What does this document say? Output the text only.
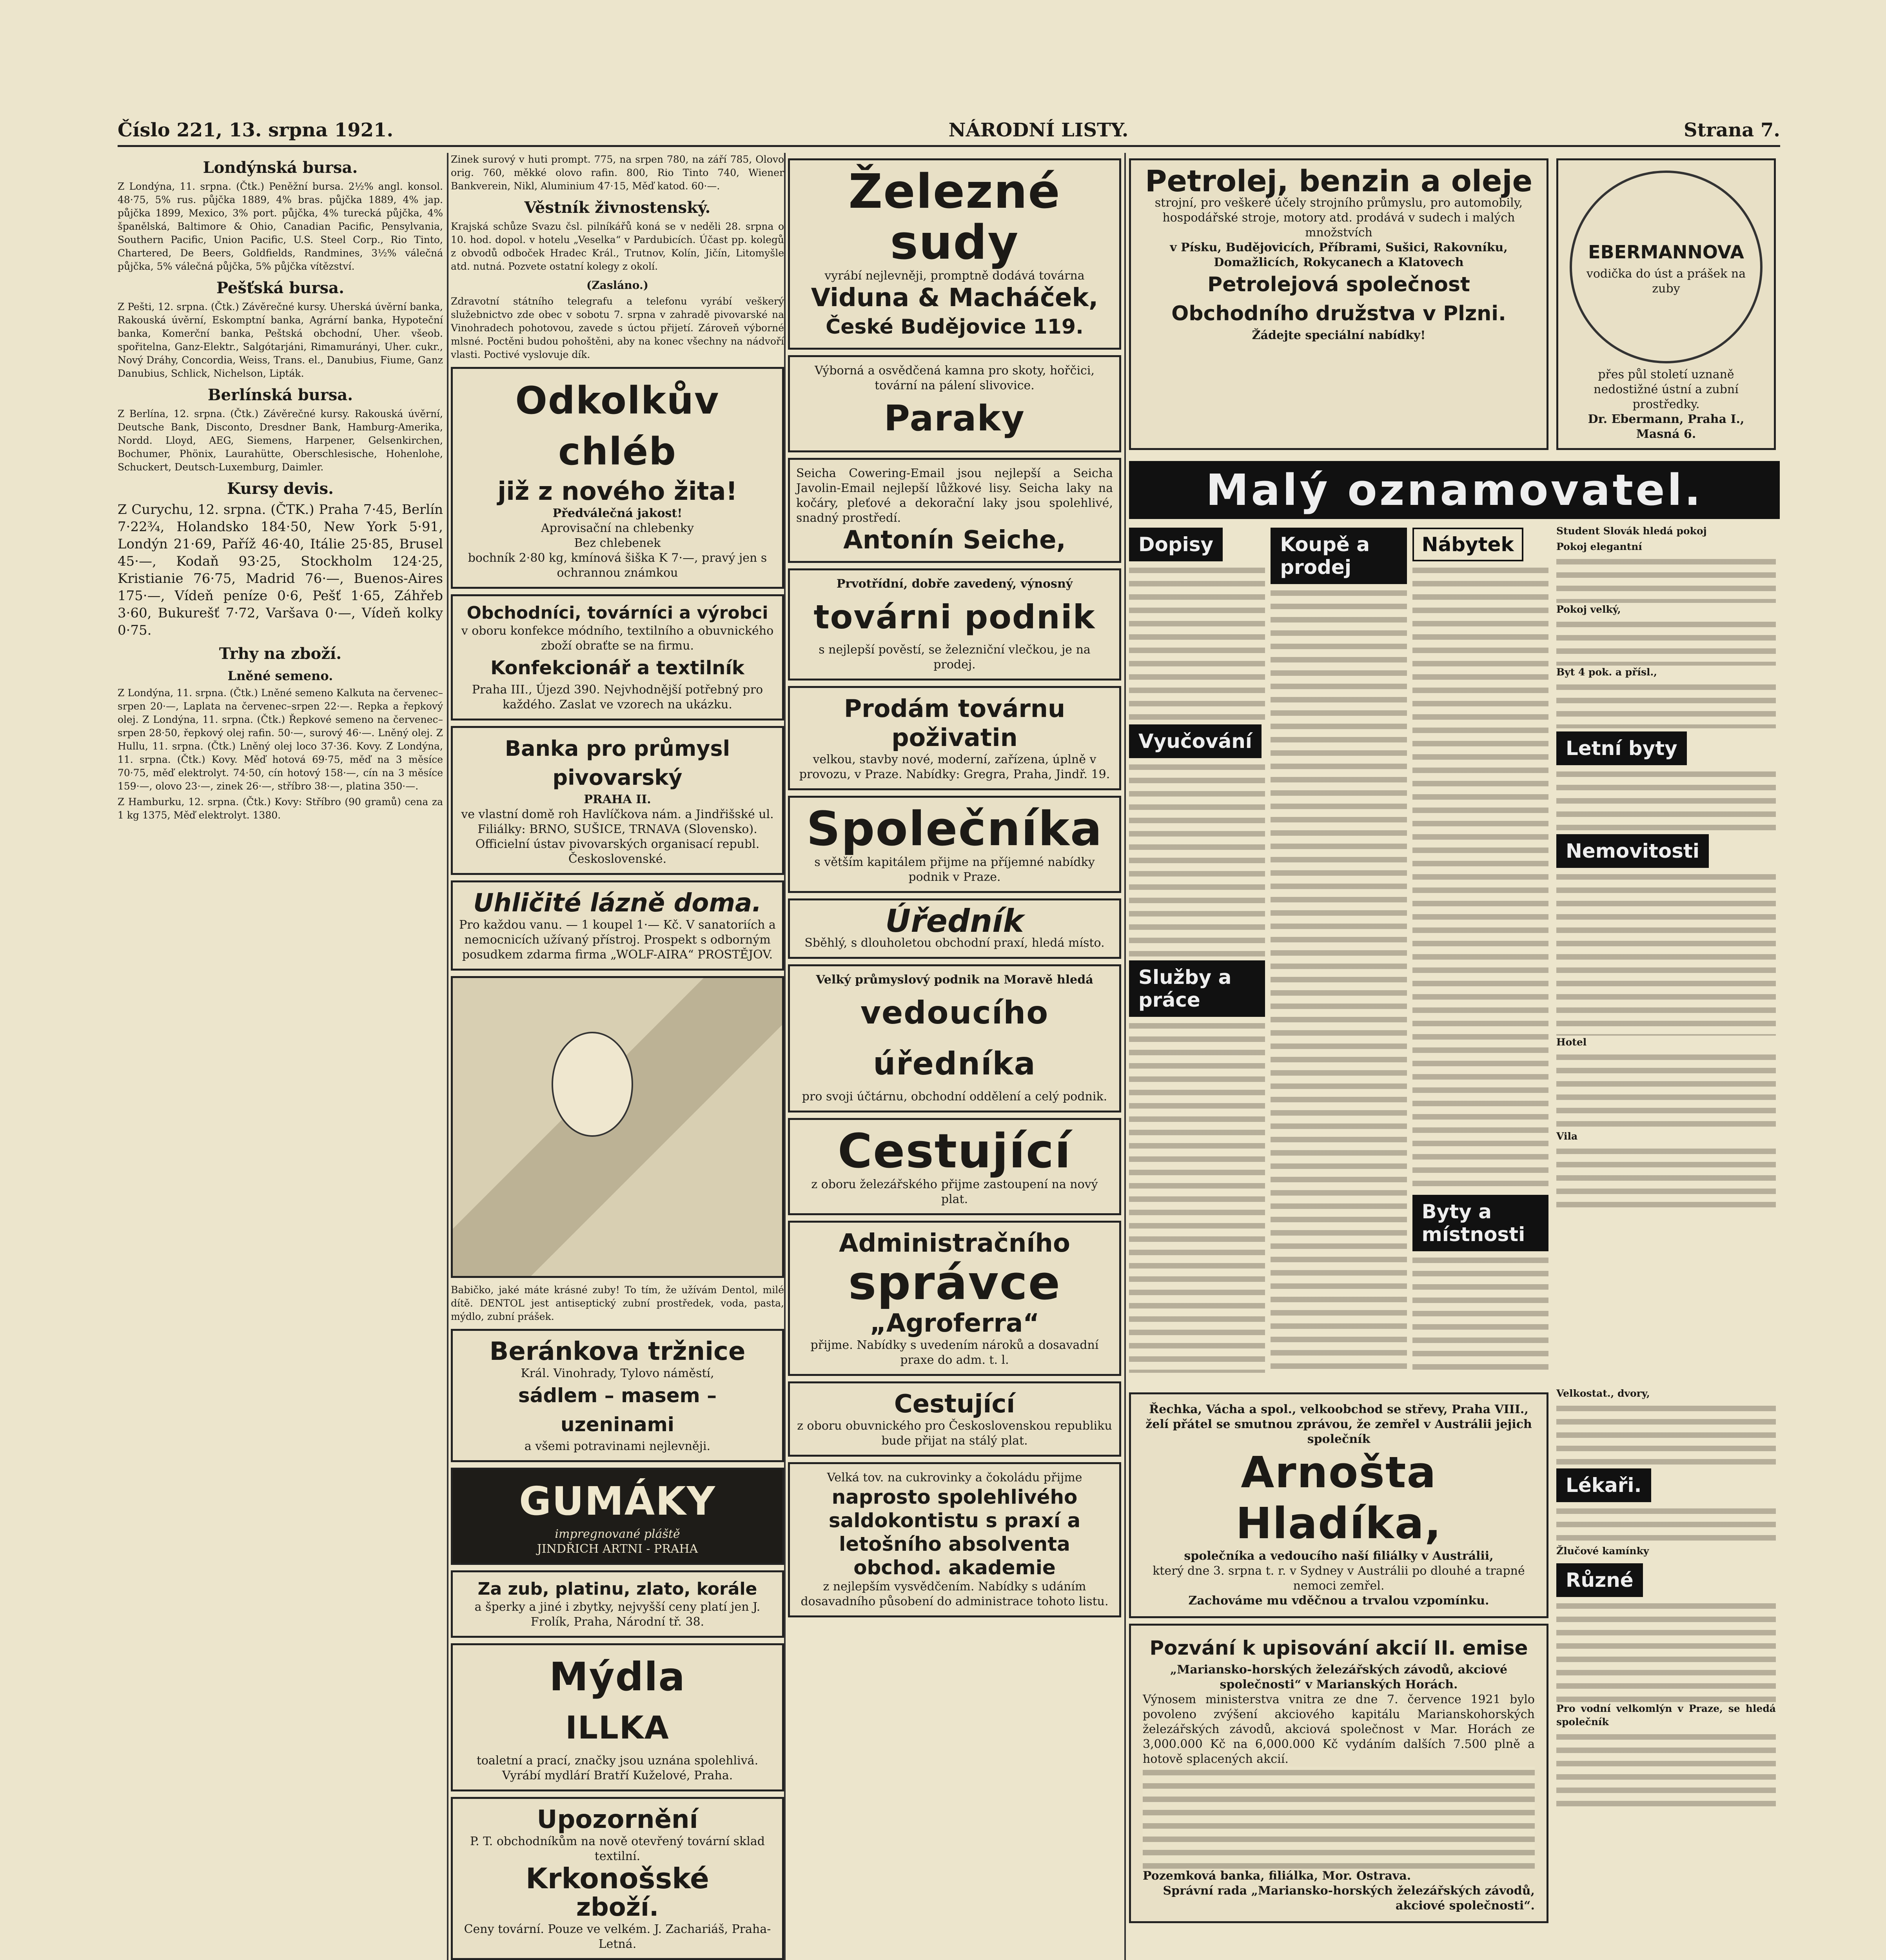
Číslo 221, 13. srpna 1921.	NÁRODNÍ LISTY.	Strana 7.
Londýnská bursa.

Z Londýna, 11. srpna. (Čtk.) Peněžní bursa. 2½% angl. konsol. 48·75, 5% rus. půjčka 1889, 4% bras. půjčka 1889, 4% jap. půjčka 1899, Mexico, 3% port. půjčka, 4% turecká půjčka, 4% španělská, Baltimore & Ohio, Canadian Pacific, Pensylvania, Southern Pacific, Union Pacific, U.S. Steel Corp., Rio Tinto, Chartered, De Beers, Goldfields, Randmines, 3½% válečná půjčka, 5% válečná půjčka, 5% půjčka vítězství.

Pešťská bursa.

Z Pešti, 12. srpna. (Čtk.) Závěrečné kursy. Uherská úvěrní banka, Rakouská úvěrní, Eskomptní banka, Agrární banka, Hypoteční banka, Komerční banka, Peštská obchodní, Uher. všeob. spořitelna, Ganz-Elektr., Salgótarjáni, Rimamurányi, Uher. cukr., Nový Dráhy, Concordia, Weiss, Trans. el., Danubius, Fiume, Ganz Danubius, Schlick, Nichelson, Lipták.

Berlínská bursa.

Z Berlína, 12. srpna. (Čtk.) Závěrečné kursy. Rakouská úvěrní, Deutsche Bank, Disconto, Dresdner Bank, Hamburg-Amerika, Nordd. Lloyd, AEG, Siemens, Harpener, Gelsenkirchen, Bochumer, Phönix, Laurahütte, Oberschlesische, Hohenlohe, Schuckert, Deutsch-Luxemburg, Daimler.

Kursy devis.

Z Curychu, 12. srpna. (ČTK.) Praha 7·45, Berlín 7·22¾, Holandsko 184·50, New York 5·91, Londýn 21·69, Paříž 46·40, Itálie 25·85, Brusel 45·—, Kodaň 93·25, Stockholm 124·25, Kristianie 76·75, Madrid 76·—, Buenos-Aires 175·—, Vídeň peníze 0·6, Pešť 1·65, Záhřeb 3·60, Bukurešť 7·72, Varšava 0·—, Vídeň kolky 0·75.

Trhy na zboží.
Lněné semeno.

Z Londýna, 11. srpna. (Čtk.) Lněné semeno Kalkuta na červenec–srpen 20·—, Laplata na červenec–srpen 22·—. Repka a řepkový olej. Z Londýna, 11. srpna. (Čtk.) Řepkové semeno na červenec–srpen 28·50, řepkový olej rafin. 50·—, surový 46·—. Lněný olej. Z Hullu, 11. srpna. (Čtk.) Lněný olej loco 37·36. Kovy. Z Londýna, 11. srpna. (Čtk.) Kovy. Měď hotová 69·75, měď na 3 měsíce 70·75, měď elektrolyt. 74·50, cín hotový 158·—, cín na 3 měsíce 159·—, olovo 23·—, zinek 26·—, stříbro 38·—, platina 350·—.

Z Hamburku, 12. srpna. (Čtk.) Kovy: Stříbro (90 gramů) cena za 1 kg 1375, Měď elektrolyt. 1380.

Zinek surový v huti prompt. 775, na srpen 780, na září 785, Olovo orig. 760, měkké olovo rafin. 800, Rio Tinto 740, Wiener Bankverein, Nikl, Aluminium 47·15, Měď katod. 60·—.

Věstník živnostenský.

Krajská schůze Svazu čsl. pilníkářů koná se v neděli 28. srpna o 10. hod. dopol. v hotelu „Veselka“ v Pardubicích. Účast pp. kolegů z obvodů odboček Hradec Král., Trutnov, Kolín, Jičín, Litomyšle atd. nutná. Pozvete ostatní kolegy z okolí.

(Zasláno.)

Zdravotní státního telegrafu a telefonu vyrábí veškerý služebnictvo zde obec v sobotu 7. srpna v zahradě pivovarské na Vinohradech pohotovou, zavede s úctou přijetí. Zároveň výborné mlsné. Poctěni budou pohoštěni, aby na konec všechny na nádvoří vlasti. Poctivé vyslovuje dík.

Odkolkův chléb
již z nového žita!
Předválečná jakost!
Aprovisační na chlebenky
Bez chlebenek
bochník 2·80 kg, kmínová šiška K 7·—, pravý jen s ochrannou známkou
Obchodníci, továrníci a výrobci
v oboru konfekce módního, textilního a obuvnického zboží obraťte se na firmu.
Konfekcionář a textilník
Praha III., Újezd 390. Nejvhodnější potřebný pro každého. Zaslat ve vzorech na ukázku.
Banka pro průmysl pivovarský
PRAHA II.
ve vlastní domě roh Havlíčkova nám. a Jindřišské ul. Filiálky: BRNO, SUŠICE, TRNAVA (Slovensko). Officielní ústav pivovarských organisací republ. Československé.
Uhličité lázně doma.
Pro každou vanu. — 1 koupel 1·— Kč. V sanatoriích a nemocnicích užívaný přístroj. Prospekt s odborným posudkem zdarma firma „WOLF-AIRA“ PROSTĚJOV.

Babičko, jaké máte krásné zuby! To tím, že užívám Dentol, milé dítě. DENTOL jest antiseptický zubní prostředek, voda, pasta, mýdlo, zubní prášek.

Beránkova tržnice
Král. Vinohrady, Tylovo náměstí,
sádlem – masem – uzeninami
a všemi potravinami nejlevněji.
GUMÁKY
impregnované pláště
JINDŘICH ARTNI - PRAHA
Za zub, platinu, zlato, korále
a šperky a jiné i zbytky, nejvyšší ceny platí jen J. Frolík, Praha, Národní tř. 38.
Mýdla
ILLKA
toaletní a prací, značky jsou uznána spolehlivá. Vyrábí mydlárí Bratří Kuželové, Praha.
Upozornění
P. T. obchodníkům na nově otevřený tovární sklad textilní.
Krkonošské
zboží.
Ceny tovární. Pouze ve velkém. J. Zachariáš, Praha-Letná.
Železné sudy
vyrábí nejlevněji, promptně dodává továrna
Viduna & Macháček,
České Budějovice 119.
Výborná a osvědčená kamna pro skoty, hořčici, tovární na pálení slivovice.
Paraky
Seicha Cowering-Email jsou nejlepší a Seicha Javolin-Email nejlepší lůžkové lisy. Seicha laky na kočáry, pleťové a dekorační laky jsou spolehlivé, snadný prostředí.
Antonín Seiche,
Prvotřídní, dobře zavedený, výnosný
továrni podnik
s nejlepší pověstí, se železniční vlečkou, je na prodej.
Prodám továrnu poživatin
velkou, stavby nové, moderní, zařízena, úplně v provozu, v Praze. Nabídky: Gregra, Praha, Jindř. 19.
Společníka
s větším kapitálem přijme na příjemné nabídky podnik v Praze.
Úředník
Sběhlý, s dlouholetou obchodní praxí, hledá místo.
Velký průmyslový podnik na Moravě hledá
vedoucího úředníka
pro svoji účtárnu, obchodní oddělení a celý podnik.
Cestující
z oboru železářského přijme zastoupení na nový plat.
Administračního
správce
„Agroferra“
přijme. Nabídky s uvedením nároků a dosavadní praxe do adm. t. l.
Cestující
z oboru obuvnického pro Československou republiku bude přijat na stálý plat.
Velká tov. na cukrovinky a čokoládu přijme
naprosto spolehlivého saldokontistu s praxí a letošního absolventa obchod. akademie
z nejlepším vysvědčením. Nabídky s udáním dosavadního působení do administrace tohoto listu.
Petrolej, benzin a oleje
strojní, pro veškeré účely strojního průmyslu, pro automobily, hospodářské stroje, motory atd. prodává v sudech i malých množstvích
v Písku, Budějovicích, Příbrami, Sušici, Rakovníku, Domažlicích, Rokycanech a Klatovech
Petrolejová společnost Obchodního družstva v Plzni.
Žádejte speciální nabídky!
EBERMANNOVA
vodička do úst a prášek na zuby
přes půl století uznaně nedostižné ústní a zubní prostředky.
Dr. Ebermann, Praha I., Masná 6.
Malý oznamovatel.
Dopisy
Vyučování
Služby a práce
Koupě a prodej
Nábytek
Byty a místnosti
Student Slovák hledá pokoj
Pokoj elegantní
Pokoj velký,
Byt 4 pok. a přísl.,
Letní byty
Nemovitosti
Hotel
Vila
Řechka, Vácha a spol., velkoobchod se střevy, Praha VIII., želí přátel se smutnou zprávou, že zemřel v Austrálii jejich společník
Arnošta Hladíka,
společníka a vedoucího naší filiálky v Austrálii,
který dne 3. srpna t. r. v Sydney v Austrálii po dlouhé a trapné nemoci zemřel.
Zachováme mu vděčnou a trvalou vzpomínku.
Pozvání k upisování akcií II. emise
„Mariansko-horských železářských závodů, akciové společnosti“ v Marianských Horách.
Výnosem ministerstva vnitra ze dne 7. července 1921 bylo povoleno zvýšení akciového kapitálu Marianskohorských železářských závodů, akciová společnost v Mar. Horách ze 3,000.000 Kč na 6,000.000 Kč vydáním dalších 7.500 plně a hotově splacených akcií.
Pozemková banka, filiálka, Mor. Ostrava.
Správní rada „Mariansko-horských železářských závodů, akciové společnosti“.
Velkostat., dvory,
Lékaři.
Žlučové kamínky
Různé
Pro vodní velkomlýn v Praze, se hledá společník
